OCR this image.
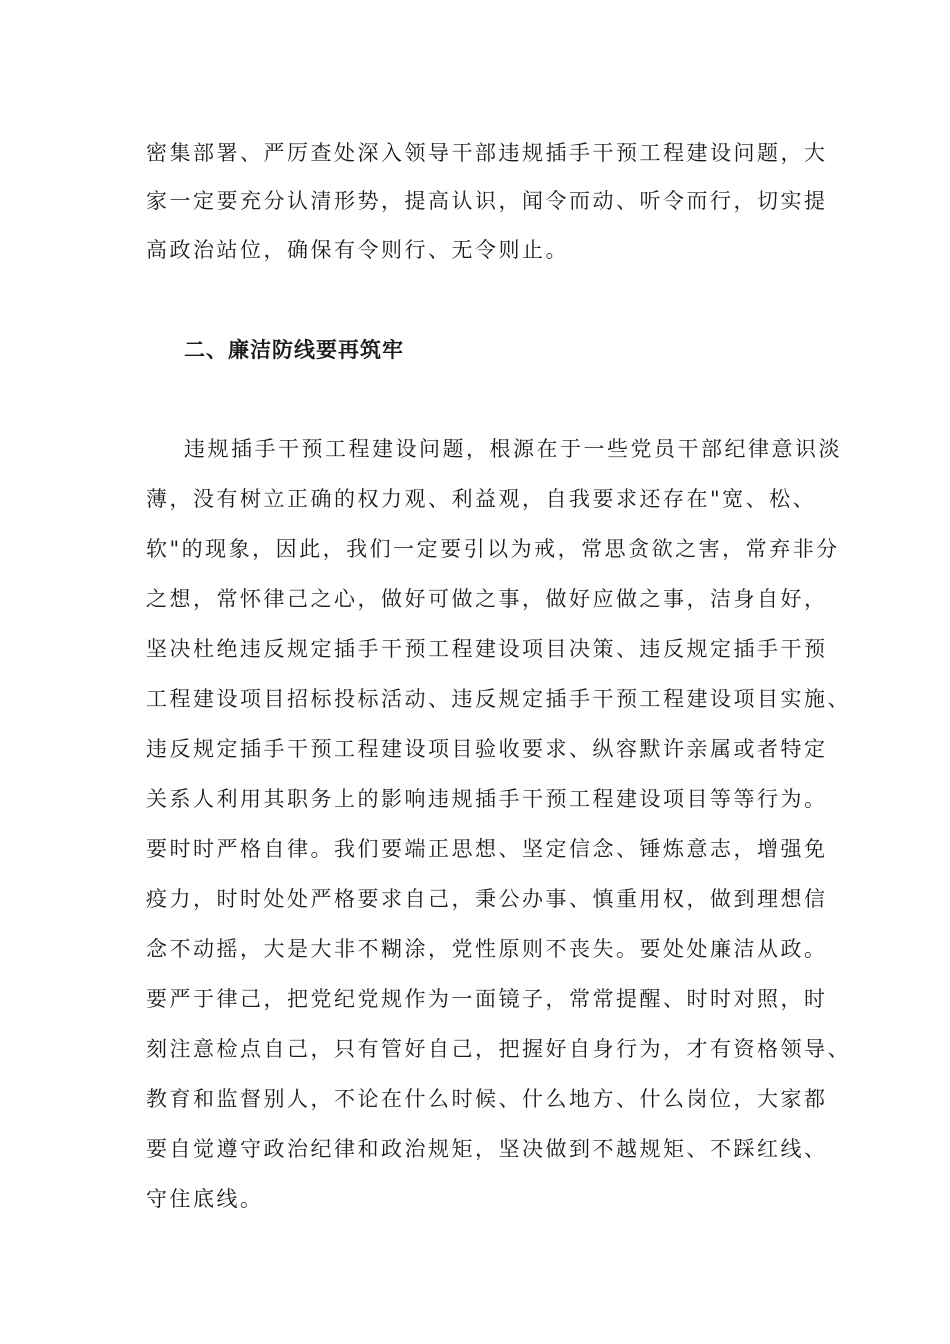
密集部署、严厉查处深入领导干部违规插手干预工程建设问题，大
家一定要充分认清形势，提高认识，闻令而动、听令而行，切实提
高政治站位，确保有令则行、无令则止。
二、廉洁防线要再筑牢
违规插手干预工程建设问题，根源在于一些党员干部纪律意识淡
薄，没有树立正确的权力观、利益观，自我要求还存在"宽、松、
软"的现象，因此，我们一定要引以为戒，常思贪欲之害，常弃非分
之想，常怀律己之心，做好可做之事，做好应做之事，洁身自好，
坚决杜绝违反规定插手干预工程建设项目决策、违反规定插手干预
工程建设项目招标投标活动、违反规定插手干预工程建设项目实施、
违反规定插手干预工程建设项目验收要求、纵容默许亲属或者特定
关系人利用其职务上的影响违规插手干预工程建设项目等等行为。
要时时严格自律。我们要端正思想、坚定信念、锤炼意志，增强免
疫力，时时处处严格要求自己，秉公办事、慎重用权，做到理想信
念不动摇，大是大非不糊涂，党性原则不丧失。要处处廉洁从政。
要严于律己，把党纪党规作为一面镜子，常常提醒、时时对照，时
刻注意检点自己，只有管好自己，把握好自身行为，才有资格领导、
教育和监督别人，不论在什么时候、什么地方、什么岗位，大家都
要自觉遵守政治纪律和政治规矩，坚决做到不越规矩、不踩红线、
守住底线。
